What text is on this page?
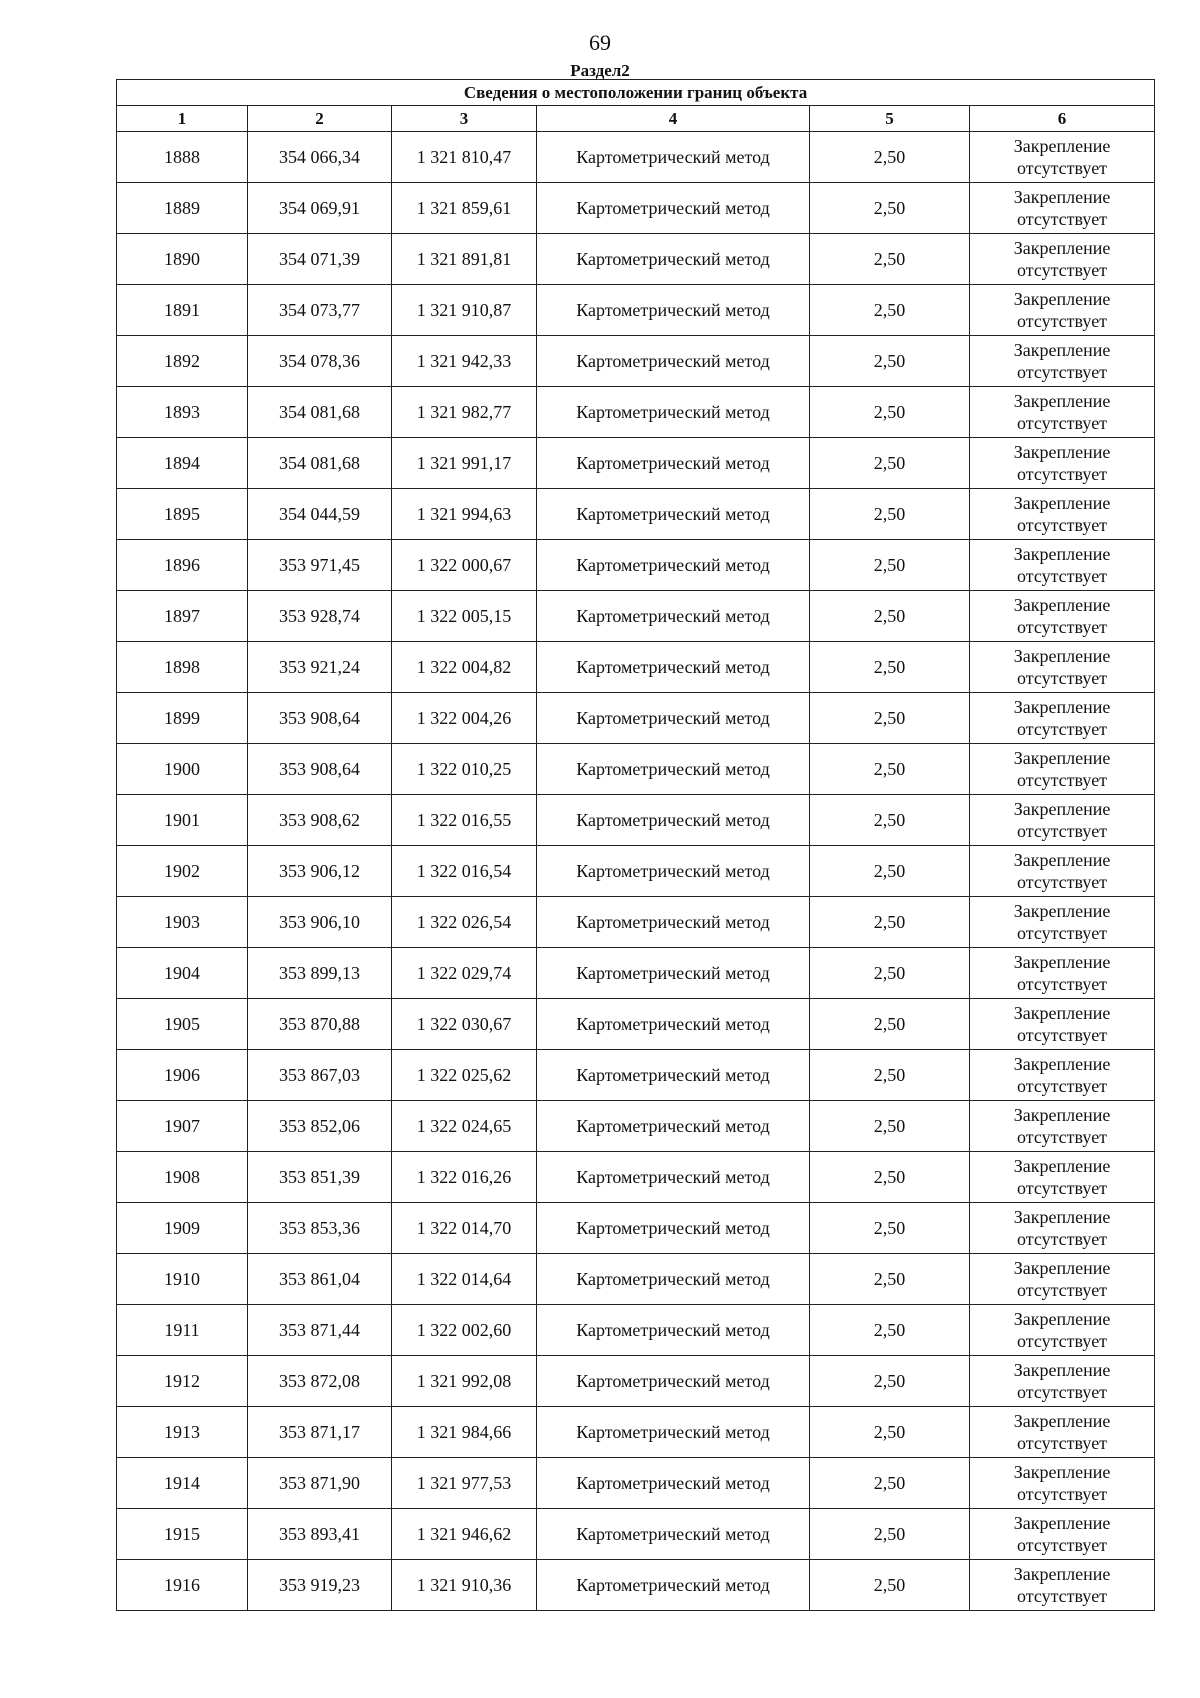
69
Раздел2
Сведения о местоположении границ объекта					
1	2	3	4	5	6
1888	354 066,34	1 321 810,47	Картометрический метод	2,50	Закрепление отсутствует
1889	354 069,91	1 321 859,61	Картометрический метод	2,50	Закрепление отсутствует
1890	354 071,39	1 321 891,81	Картометрический метод	2,50	Закрепление отсутствует
1891	354 073,77	1 321 910,87	Картометрический метод	2,50	Закрепление отсутствует
1892	354 078,36	1 321 942,33	Картометрический метод	2,50	Закрепление отсутствует
1893	354 081,68	1 321 982,77	Картометрический метод	2,50	Закрепление отсутствует
1894	354 081,68	1 321 991,17	Картометрический метод	2,50	Закрепление отсутствует
1895	354 044,59	1 321 994,63	Картометрический метод	2,50	Закрепление отсутствует
1896	353 971,45	1 322 000,67	Картометрический метод	2,50	Закрепление отсутствует
1897	353 928,74	1 322 005,15	Картометрический метод	2,50	Закрепление отсутствует
1898	353 921,24	1 322 004,82	Картометрический метод	2,50	Закрепление отсутствует
1899	353 908,64	1 322 004,26	Картометрический метод	2,50	Закрепление отсутствует
1900	353 908,64	1 322 010,25	Картометрический метод	2,50	Закрепление отсутствует
1901	353 908,62	1 322 016,55	Картометрический метод	2,50	Закрепление отсутствует
1902	353 906,12	1 322 016,54	Картометрический метод	2,50	Закрепление отсутствует
1903	353 906,10	1 322 026,54	Картометрический метод	2,50	Закрепление отсутствует
1904	353 899,13	1 322 029,74	Картометрический метод	2,50	Закрепление отсутствует
1905	353 870,88	1 322 030,67	Картометрический метод	2,50	Закрепление отсутствует
1906	353 867,03	1 322 025,62	Картометрический метод	2,50	Закрепление отсутствует
1907	353 852,06	1 322 024,65	Картометрический метод	2,50	Закрепление отсутствует
1908	353 851,39	1 322 016,26	Картометрический метод	2,50	Закрепление отсутствует
1909	353 853,36	1 322 014,70	Картометрический метод	2,50	Закрепление отсутствует
1910	353 861,04	1 322 014,64	Картометрический метод	2,50	Закрепление отсутствует
1911	353 871,44	1 322 002,60	Картометрический метод	2,50	Закрепление отсутствует
1912	353 872,08	1 321 992,08	Картометрический метод	2,50	Закрепление отсутствует
1913	353 871,17	1 321 984,66	Картометрический метод	2,50	Закрепление отсутствует
1914	353 871,90	1 321 977,53	Картометрический метод	2,50	Закрепление отсутствует
1915	353 893,41	1 321 946,62	Картометрический метод	2,50	Закрепление отсутствует
1916	353 919,23	1 321 910,36	Картометрический метод	2,50	Закрепление отсутствует
